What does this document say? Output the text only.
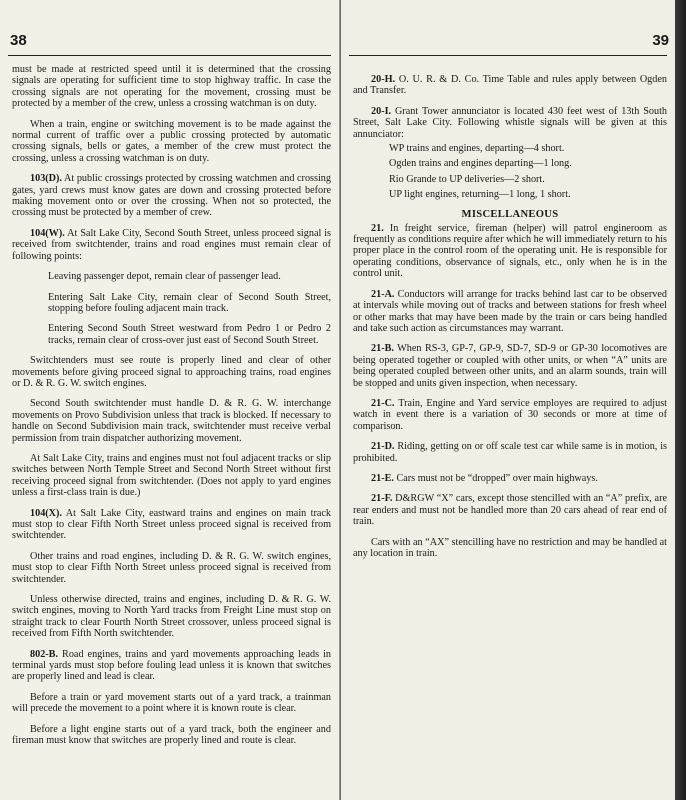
38

must be made at restricted speed until it is determined that the crossing signals are operating for sufficient time to stop highway traffic. In case the crossing signals are not operating for the movement, crossing must be protected by a member of the crew, unless a crossing watchman is on duty.

When a train, engine or switching movement is to be made against the normal current of traffic over a public crossing protected by automatic crossing signals, bells or gates, a member of the crew must protect the crossing, unless a crossing watchman is on duty.

103(D). At public crossings protected by crossing watchmen and crossing gates, yard crews must know gates are down and crossing protected before making movement onto or over the crossing. When not so protected, the crossing must be protected by a member of crew.

104(W). At Salt Lake City, Second South Street, unless proceed signal is received from switchtender, trains and road engines must remain clear of following points:

Leaving passenger depot, remain clear of passenger lead.

Entering Salt Lake City, remain clear of Second South Street, stopping before fouling adjacent main track.

Entering Second South Street westward from Pedro 1 or Pedro 2 tracks, remain clear of cross-over just east of Second South Street.

Switchtenders must see route is properly lined and clear of other movements before giving proceed signal to approaching trains, road engines or D. & R. G. W. switch engines.

Second South switchtender must handle D. & R. G. W. interchange movements on Provo Subdivision unless that track is blocked. If necessary to handle on Second Subdivision main track, switchtender must receive verbal permission from train dispatcher authorizing movement.

At Salt Lake City, trains and engines must not foul adjacent tracks or slip switches between North Temple Street and Second North Street without first receiving proceed signal from switchtender. (Does not apply to yard engines unless a first-class train is due.)

104(X). At Salt Lake City, eastward trains and engines on main track must stop to clear Fifth North Street unless proceed signal is received from switchtender.

Other trains and road engines, including D. & R. G. W. switch engines, must stop to clear Fifth North Street unless proceed signal is received from switchtender.

Unless otherwise directed, trains and engines, including D. & R. G. W. switch engines, moving to North Yard tracks from Freight Line must stop on straight track to clear Fourth North Street crossover, unless proceed signal is received from Fifth North switchtender.

802-B. Road engines, trains and yard movements approaching leads in terminal yards must stop before fouling lead unless it is known that switches are properly lined and lead is clear.

Before a train or yard movement starts out of a yard track, a trainman will precede the movement to a point where it is known route is clear.

Before a light engine starts out of a yard track, both the engineer and fireman must know that switches are properly lined and route is clear.

39

20-H. O. U. R. & D. Co. Time Table and rules apply between Ogden and Transfer.

20-I. Grant Tower annunciator is located 430 feet west of 13th South Street, Salt Lake City. Following whistle signals will be given at this annunciator:

WP trains and engines, departing—4 short.

Ogden trains and engines departing—1 long.

Rio Grande to UP deliveries—2 short.

UP light engines, returning—1 long, 1 short.

MISCELLANEOUS

21. In freight service, fireman (helper) will patrol engineroom as frequently as conditions require after which he will immediately return to his proper place in the control room of the operating unit. He is responsible for operating conditions, observance of signals, etc., only when he is in the control unit.

21-A. Conductors will arrange for tracks behind last car to be observed at intervals while moving out of tracks and between stations for fresh wheel or other marks that may have been made by the train or cars being handled and take such action as circumstances may warrant.

21-B. When RS-3, GP-7, GP-9, SD-7, SD-9 or GP-30 locomotives are being operated together or coupled with other units, or when “A” units are being operated coupled between other units, and an alarm sounds, train will be stopped and units given inspection, when necessary.

21-C. Train, Engine and Yard service employes are required to adjust watch in event there is a variation of 30 seconds or more at time of comparison.

21-D. Riding, getting on or off scale test car while same is in motion, is prohibited.

21-E. Cars must not be “dropped” over main highways.

21-F. D&RGW “X” cars, except those stencilled with an “A” prefix, are rear enders and must not be handled more than 20 cars ahead of rear end of train.

Cars with an “AX” stencilling have no restriction and may be handled at any location in train.
